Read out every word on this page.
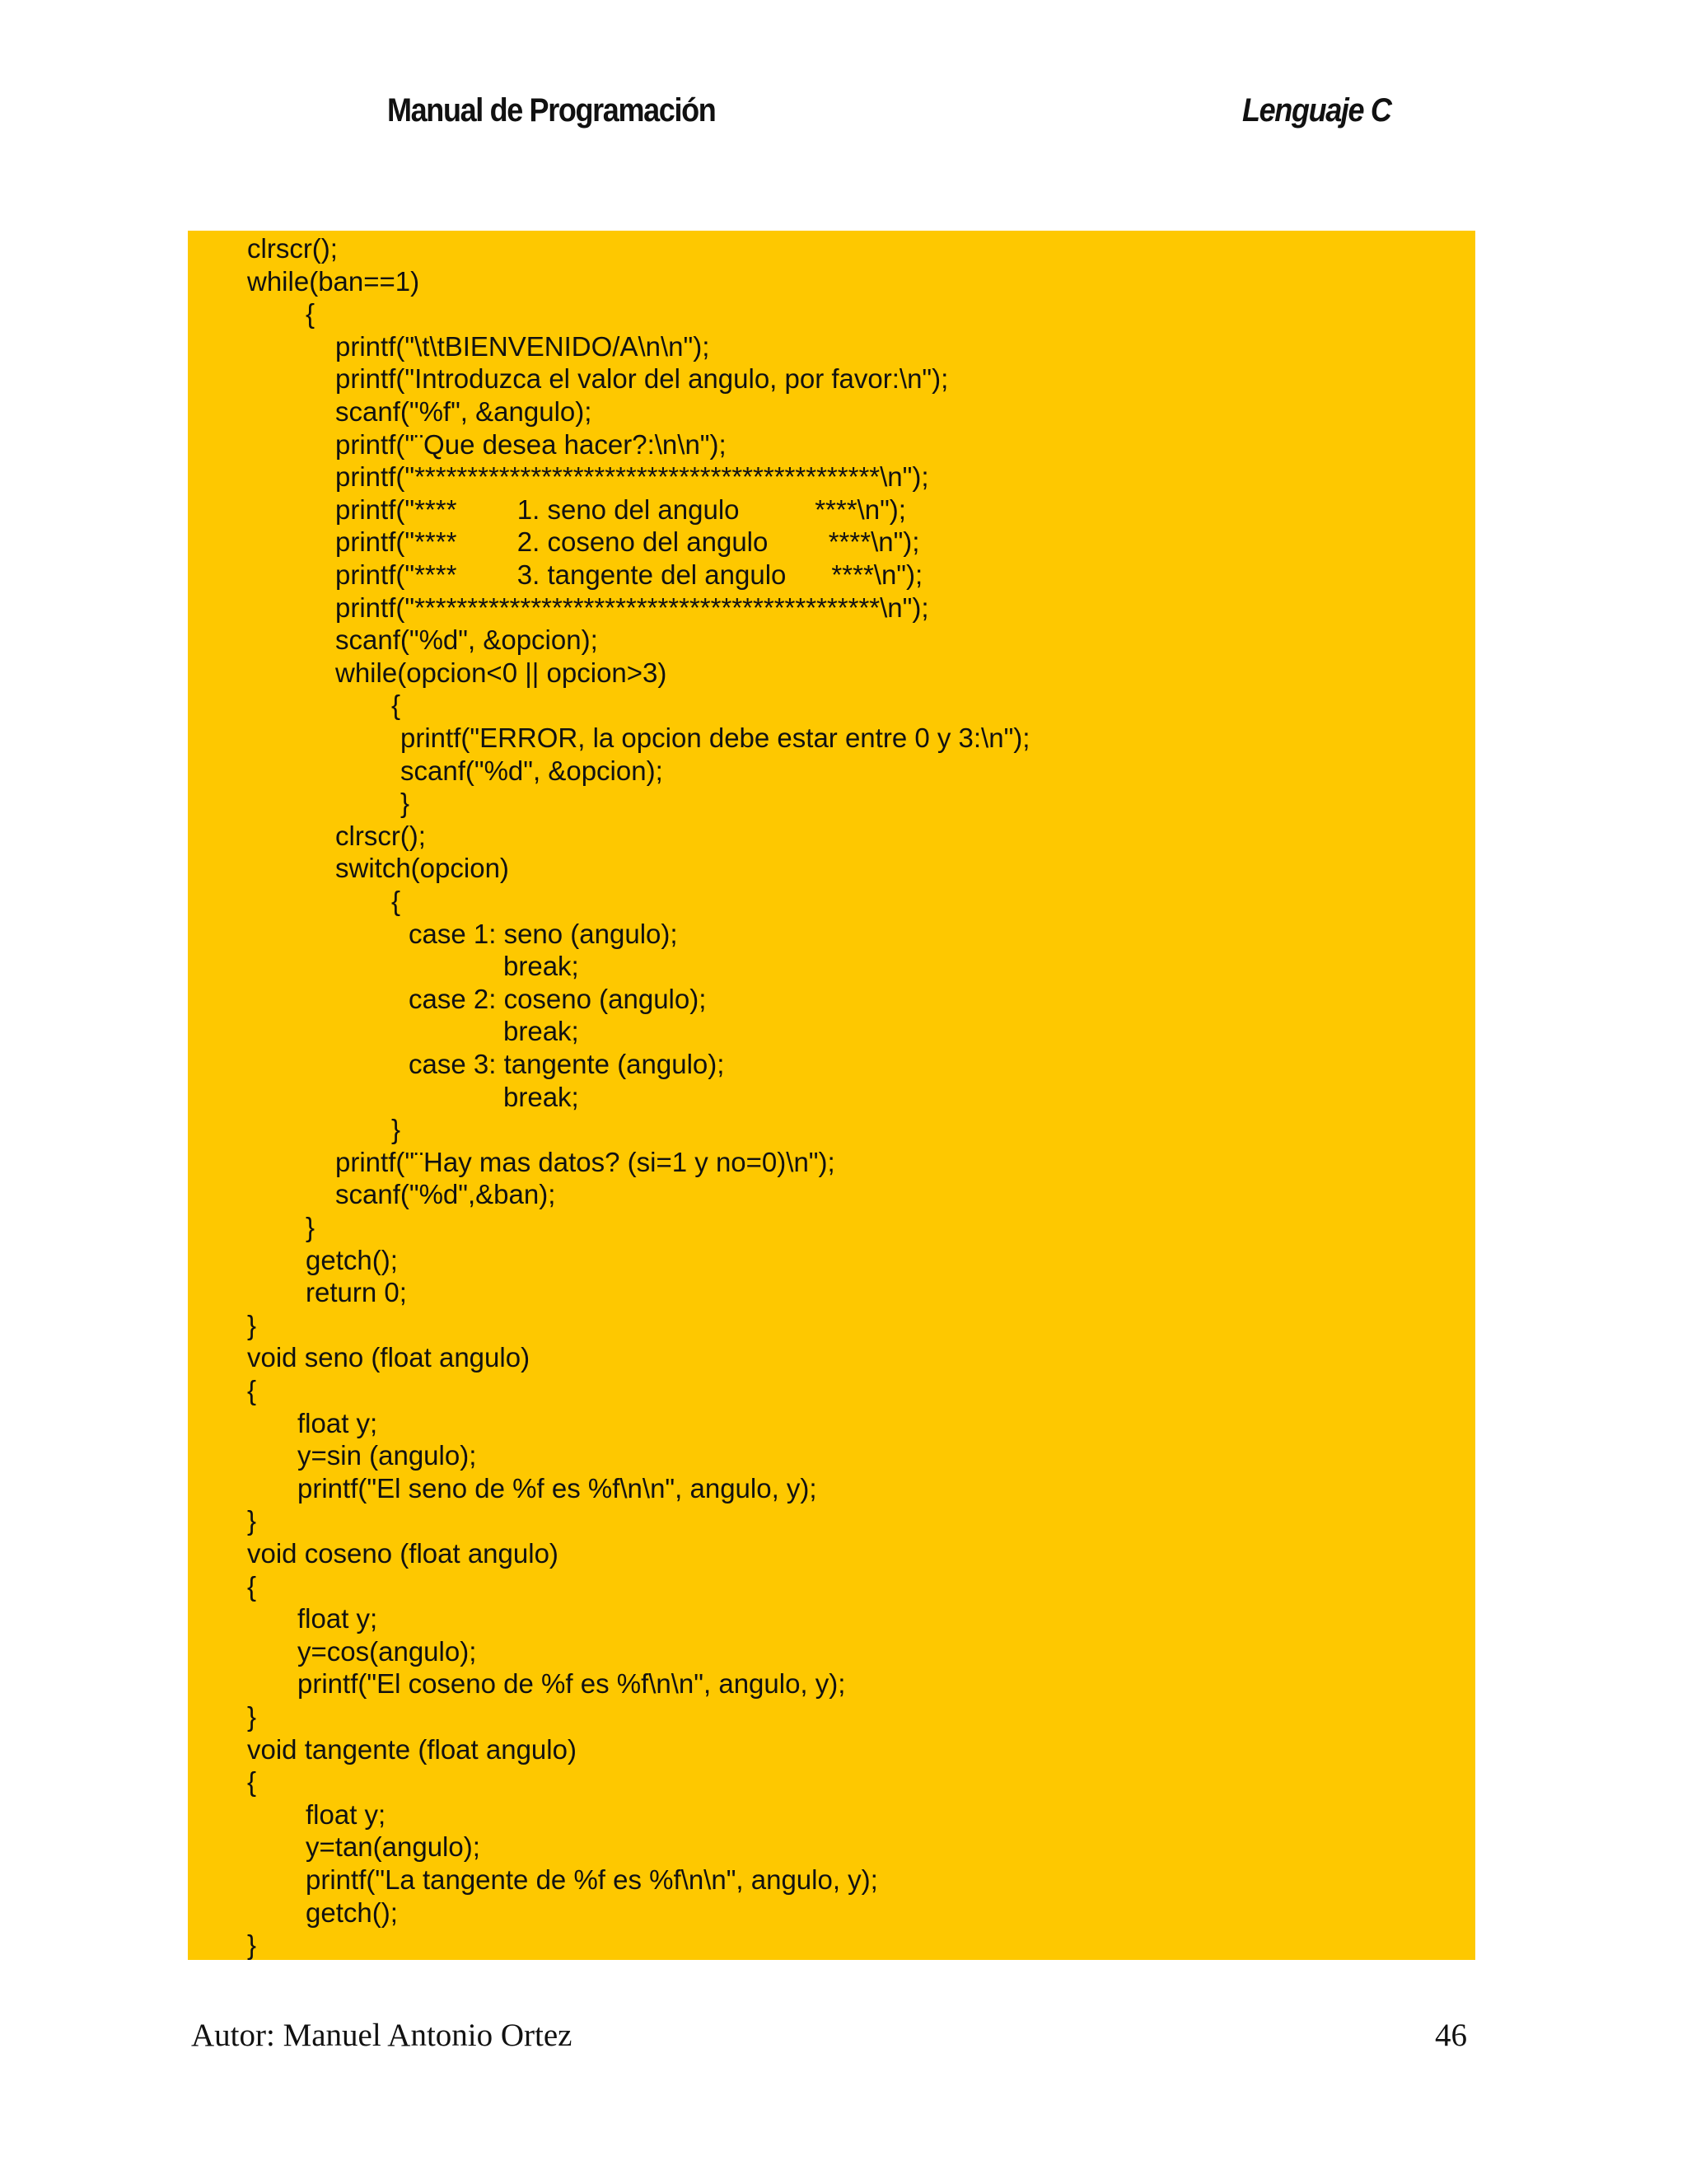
Manual de Programación	Lenguaje C
clrscr();
while(ban==1)
{
printf("\t\tBIENVENIDO/A\n\n");
printf("Introduzca el valor del angulo, por favor:\n");
scanf("%f", &angulo);
printf("¨Que desea hacer?:\n\n");
printf("********************************************\n");
printf("****        1. seno del angulo          ****\n");
printf("****        2. coseno del angulo        ****\n");
printf("****        3. tangente del angulo      ****\n");
printf("********************************************\n");
scanf("%d", &opcion);
while(opcion<0 || opcion>3)
{
printf("ERROR, la opcion debe estar entre 0 y 3:\n");
scanf("%d", &opcion);
}
clrscr();
switch(opcion)
{
case 1: seno (angulo);
break;
case 2: coseno (angulo);
break;
case 3: tangente (angulo);
break;
}
printf("¨Hay mas datos? (si=1 y no=0)\n");
scanf("%d",&ban);
}
getch();
return 0;
}
void seno (float angulo)
{
float y;
y=sin (angulo);
printf("El seno de %f es %f\n\n", angulo, y);
}
void coseno (float angulo)
{
float y;
y=cos(angulo);
printf("El coseno de %f es %f\n\n", angulo, y);
}
void tangente (float angulo)
{
float y;
y=tan(angulo);
printf("La tangente de %f es %f\n\n", angulo, y);
getch();
}
Autor: Manuel Antonio Ortez	46
